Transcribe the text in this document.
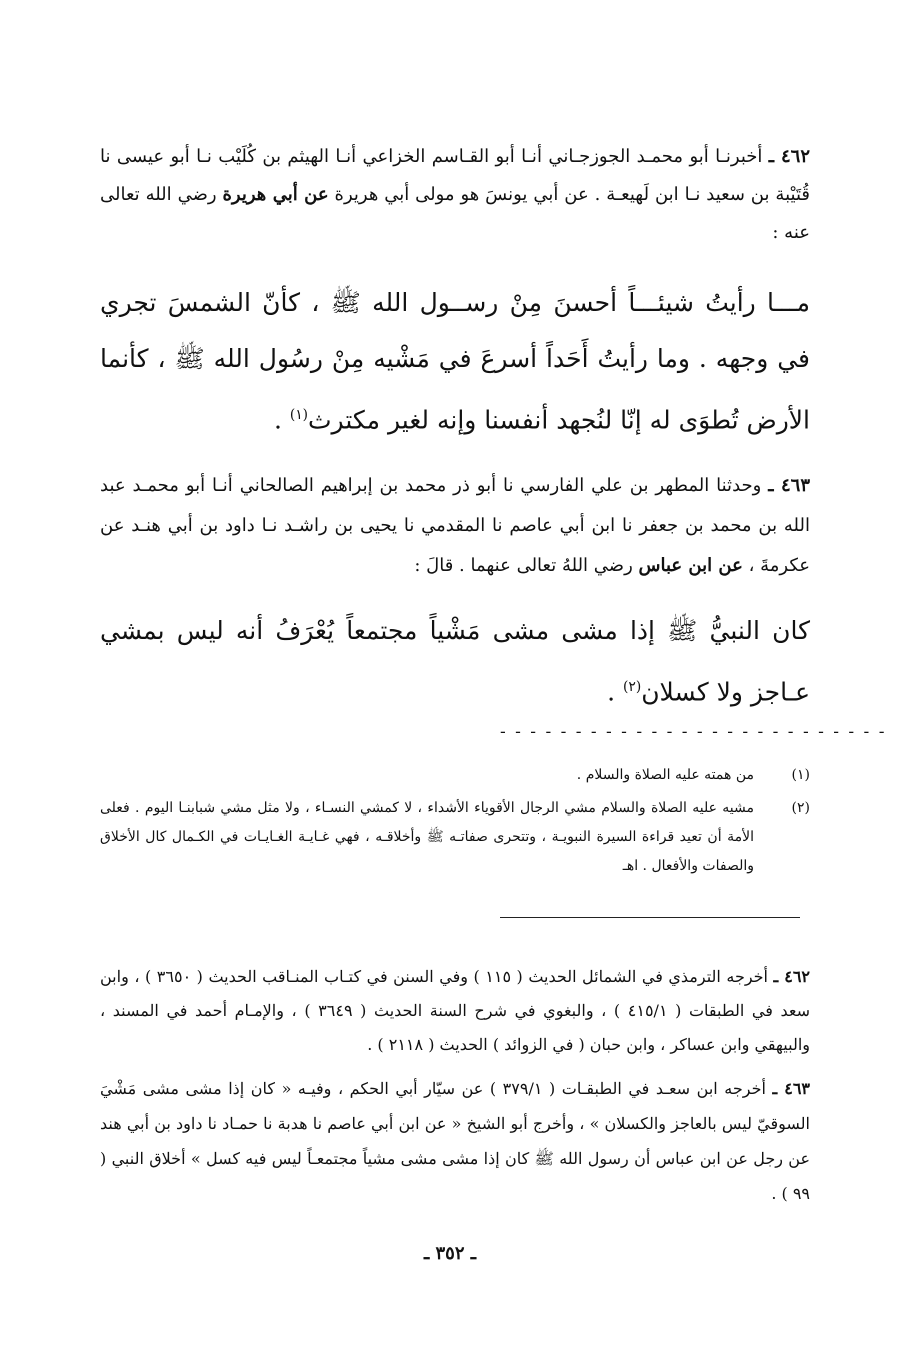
٤٦٢ ـ أخبرنـا أبو محمـد الجوزجـاني أنـا أبو القـاسم الخزاعي أنـا الهيثم بن كُلَيْب نـا أبو عيسى نا قُتَيْبة بن سعيد نـا ابن لَهيعـة . عن أبي يونسَ هو مولى أبي هريرة عن أبي هريرة رضي الله تعالى عنه :
مـــا رأيتُ شيئـــاً أحسنَ مِنْ رســول الله ﷺ ، كأنّ الشمسَ تجري في وجهه . وما رأيتُ أَحَداً أسرعَ في مَشْيه مِنْ رسُول الله ﷺ ، كأنما الأرض تُطوَى له إنّا لنُجهد أنفسنا وإنه لغير مكترث$^{(١)}$ .
٤٦٣ ـ وحدثنا المطهر بن علي الفارسي نا أبو ذر محمد بن إبراهيم الصالحاني أنـا أبو محمـد عبد الله بن محمد بن جعفر نا ابن أبي عاصم نا المقدمي نا يحيى بن راشـد نـا داود بن أبي هنـد عن عكرمةَ ، عن ابن عباس رضي اللهُ تعالى عنهما . قالَ :
كان النبيُّ ﷺ إذا مشى مشى مَشْياً مجتمعاً يُعْرَفُ أنه ليس بمشي عـاجز ولا كسلان$^{(٢)}$ .
- - - - - - - - - - - - - - - - - - - - - - - - - -
(١)
من همته عليه الصلاة والسلام .
(٢)
مشيه عليه الصلاة والسلام مشي الرجال الأقوياء الأشداء ، لا كمشي النسـاء ، ولا مثل مشي شبابنـا اليوم . فعلى الأمة أن تعيد قراءة السيرة النبويـة ، وتتحرى صفاتـه ﷺ وأخلاقـه ، فهي غـايـة الغـايـات في الكـمال كال الأخلاق والصفات والأفعال . اهـ
٤٦٢ ـ أخرجه الترمذي في الشمائل الحديث ( ١١٥ ) وفي السنن في كتـاب المنـاقب الحديث ( ٣٦٥٠ ) ، وابن سعد في الطبقات ( ٤١٥/١ ) ، والبغوي في شرح السنة الحديث ( ٣٦٤٩ ) ، والإمـام أحمد في المسند ، والبيهقي وابن عساكر ، وابن حبان ( في الزوائد ) الحديث ( ٢١١٨ ) .
٤٦٣ ـ أخرجه ابن سعـد في الطبقـات ( ٣٧٩/١ ) عن سيّار أبي الحكم ، وفيـه « كان إذا مشى مشى مَشْيَ السوقيّ ليس بالعاجز والكسلان » ، وأخرج أبو الشيخ « عن ابن أبي عاصم نا هدبة نا حمـاد نا داود بن أبي هند عن رجل عن ابن عباس أن رسول الله ﷺ كان إذا مشى مشى مشياً مجتمعـاً ليس فيه كسل » أخلاق النبي ( ٩٩ ) .
ـ ٣٥٢ ـ
